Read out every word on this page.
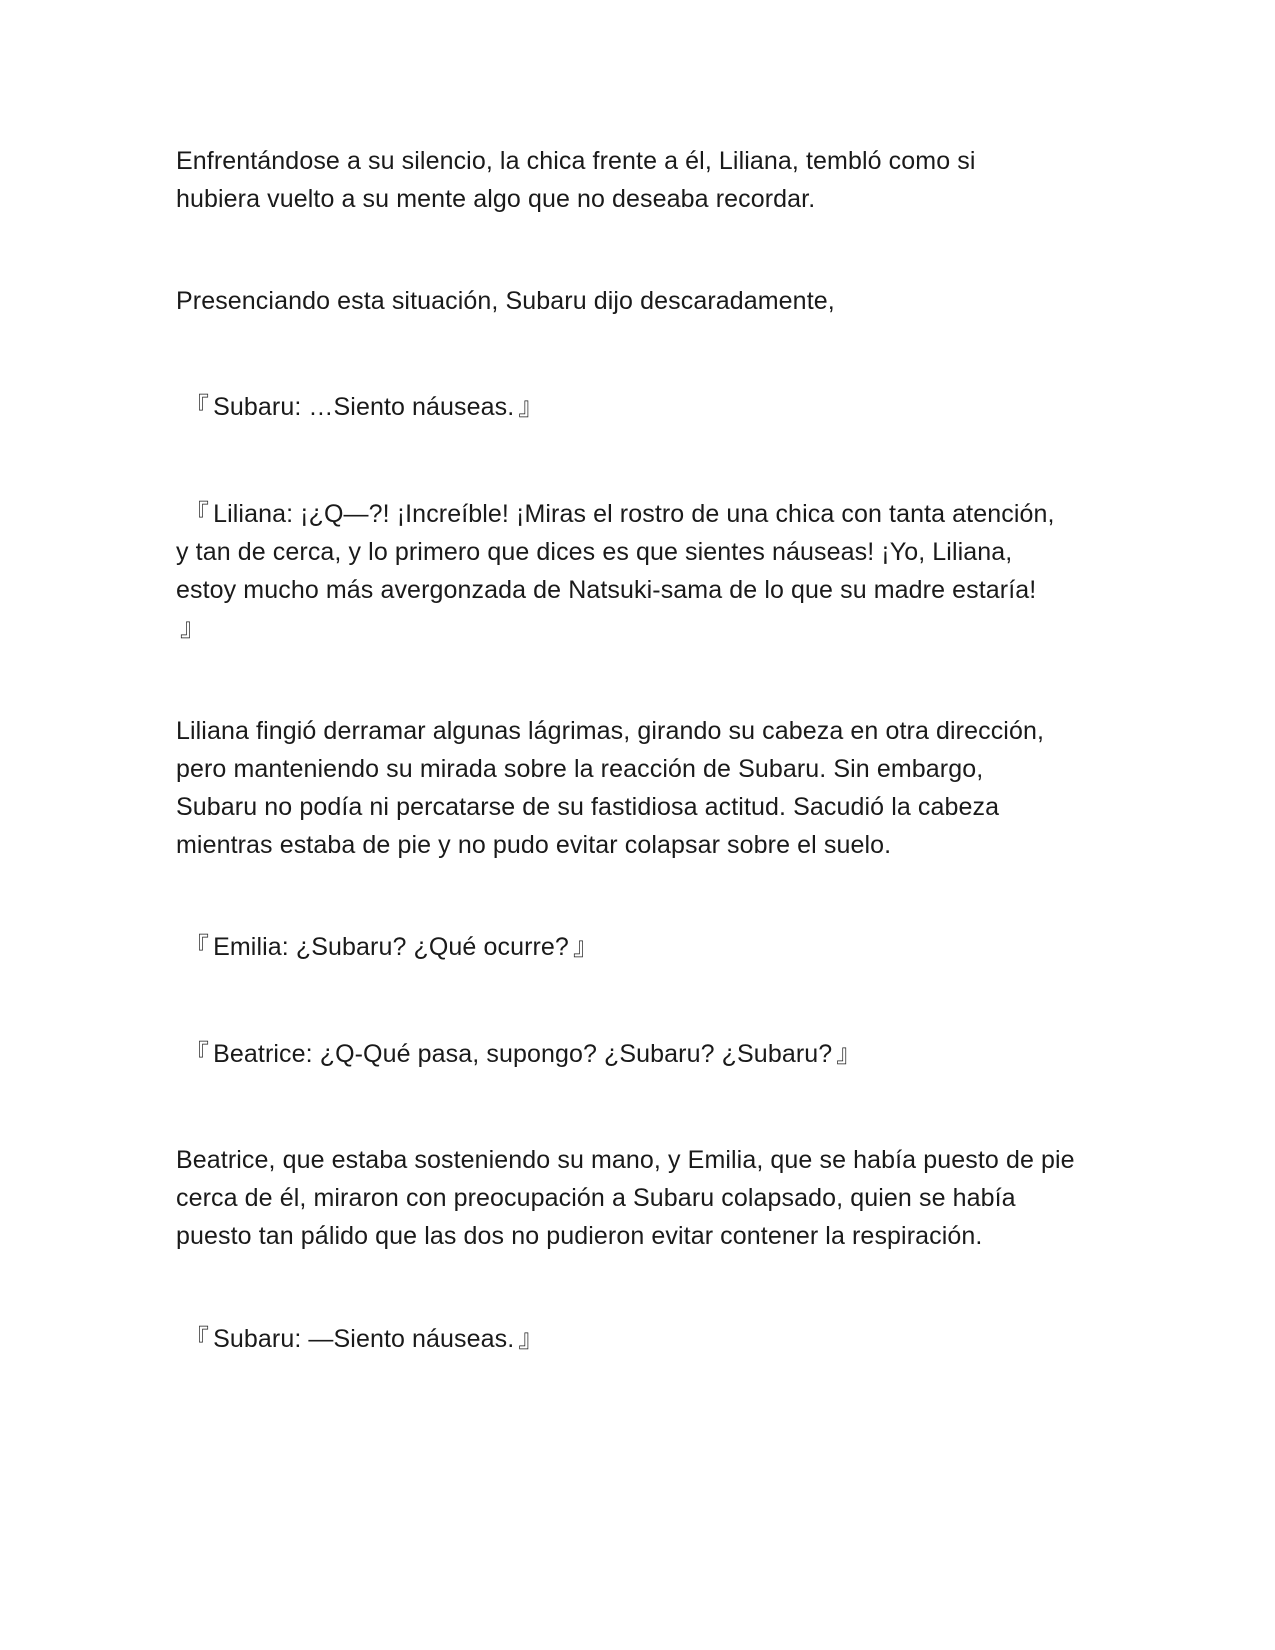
Enfrentándose a su silencio, la chica frente a él, Liliana, tembló como si hubiera vuelto a su mente algo que no deseaba recordar.

Presenciando esta situación, Subaru dijo descaradamente,

『 Subaru: …Siento náuseas. 』

『 Liliana: ¡¿Q—?! ¡Increíble! ¡Miras el rostro de una chica con tanta atención, y tan de cerca, y lo primero que dices es que sientes náuseas! ¡Yo, Liliana, estoy mucho más avergonzada de Natsuki-sama de lo que su madre estaría!』

Liliana fingió derramar algunas lágrimas, girando su cabeza en otra dirección, pero manteniendo su mirada sobre la reacción de Subaru. Sin embargo, Subaru no podía ni percatarse de su fastidiosa actitud. Sacudió la cabeza mientras estaba de pie y no pudo evitar colapsar sobre el suelo.

『 Emilia: ¿Subaru? ¿Qué ocurre? 』

『 Beatrice: ¿Q-Qué pasa, supongo? ¿Subaru? ¿Subaru? 』

Beatrice, que estaba sosteniendo su mano, y Emilia, que se había puesto de pie cerca de él, miraron con preocupación a Subaru colapsado, quien se había puesto tan pálido que las dos no pudieron evitar contener la respiración.

『 Subaru: —Siento náuseas. 』
